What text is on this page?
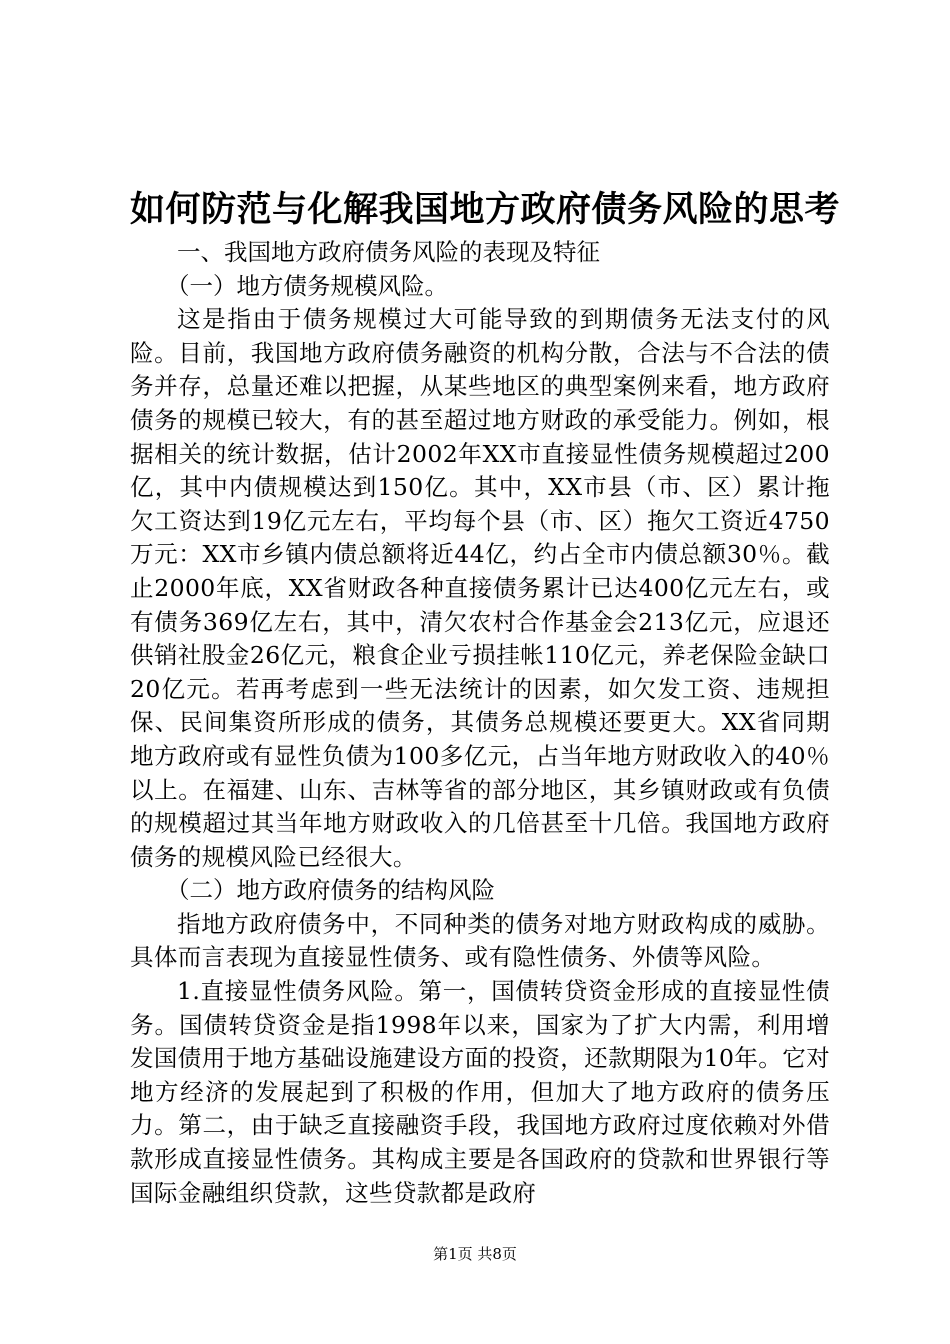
如何防范与化解我国地方政府债务风险的思考

一、我国地方政府债务风险的表现及特征

（一）地方债务规模风险。

这是指由于债务规模过大可能导致的到期债务无法支付的风险。目前，我国地方政府债务融资的机构分散，合法与不合法的债务并存，总量还难以把握，从某些地区的典型案例来看，地方政府债务的规模已较大，有的甚至超过地方财政的承受能力。例如，根据相关的统计数据，估计2002年XX市直接显性债务规模超过200亿，其中内债规模达到150亿。其中，XX市县（市、区）累计拖欠工资达到19亿元左右，平均每个县（市、区）拖欠工资近4750万元：XX市乡镇内债总额将近44亿，约占全市内债总额30％。截止2000年底，XX省财政各种直接债务累计已达400亿元左右，或有债务369亿左右，其中，清欠农村合作基金会213亿元，应退还供销社股金26亿元，粮食企业亏损挂帐110亿元，养老保险金缺口20亿元。若再考虑到一些无法统计的因素，如欠发工资、违规担保、民间集资所形成的债务，其债务总规模还要更大。XX省同期地方政府或有显性负债为100多亿元，占当年地方财政收入的40％以上。在福建、山东、吉林等省的部分地区，其乡镇财政或有负债的规模超过其当年地方财政收入的几倍甚至十几倍。我国地方政府债务的规模风险已经很大。

（二）地方政府债务的结构风险

指地方政府债务中，不同种类的债务对地方财政构成的威胁。具体而言表现为直接显性债务、或有隐性债务、外债等风险。

1.直接显性债务风险。第一，国债转贷资金形成的直接显性债务。国债转贷资金是指1998年以来，国家为了扩大内需，利用增发国债用于地方基础设施建设方面的投资，还款期限为10年。它对地方经济的发展起到了积极的作用，但加大了地方政府的债务压力。第二，由于缺乏直接融资手段，我国地方政府过度依赖对外借款形成直接显性债务。其构成主要是各国政府的贷款和世界银行等国际金融组织贷款，这些贷款都是政府

第1页 共8页
